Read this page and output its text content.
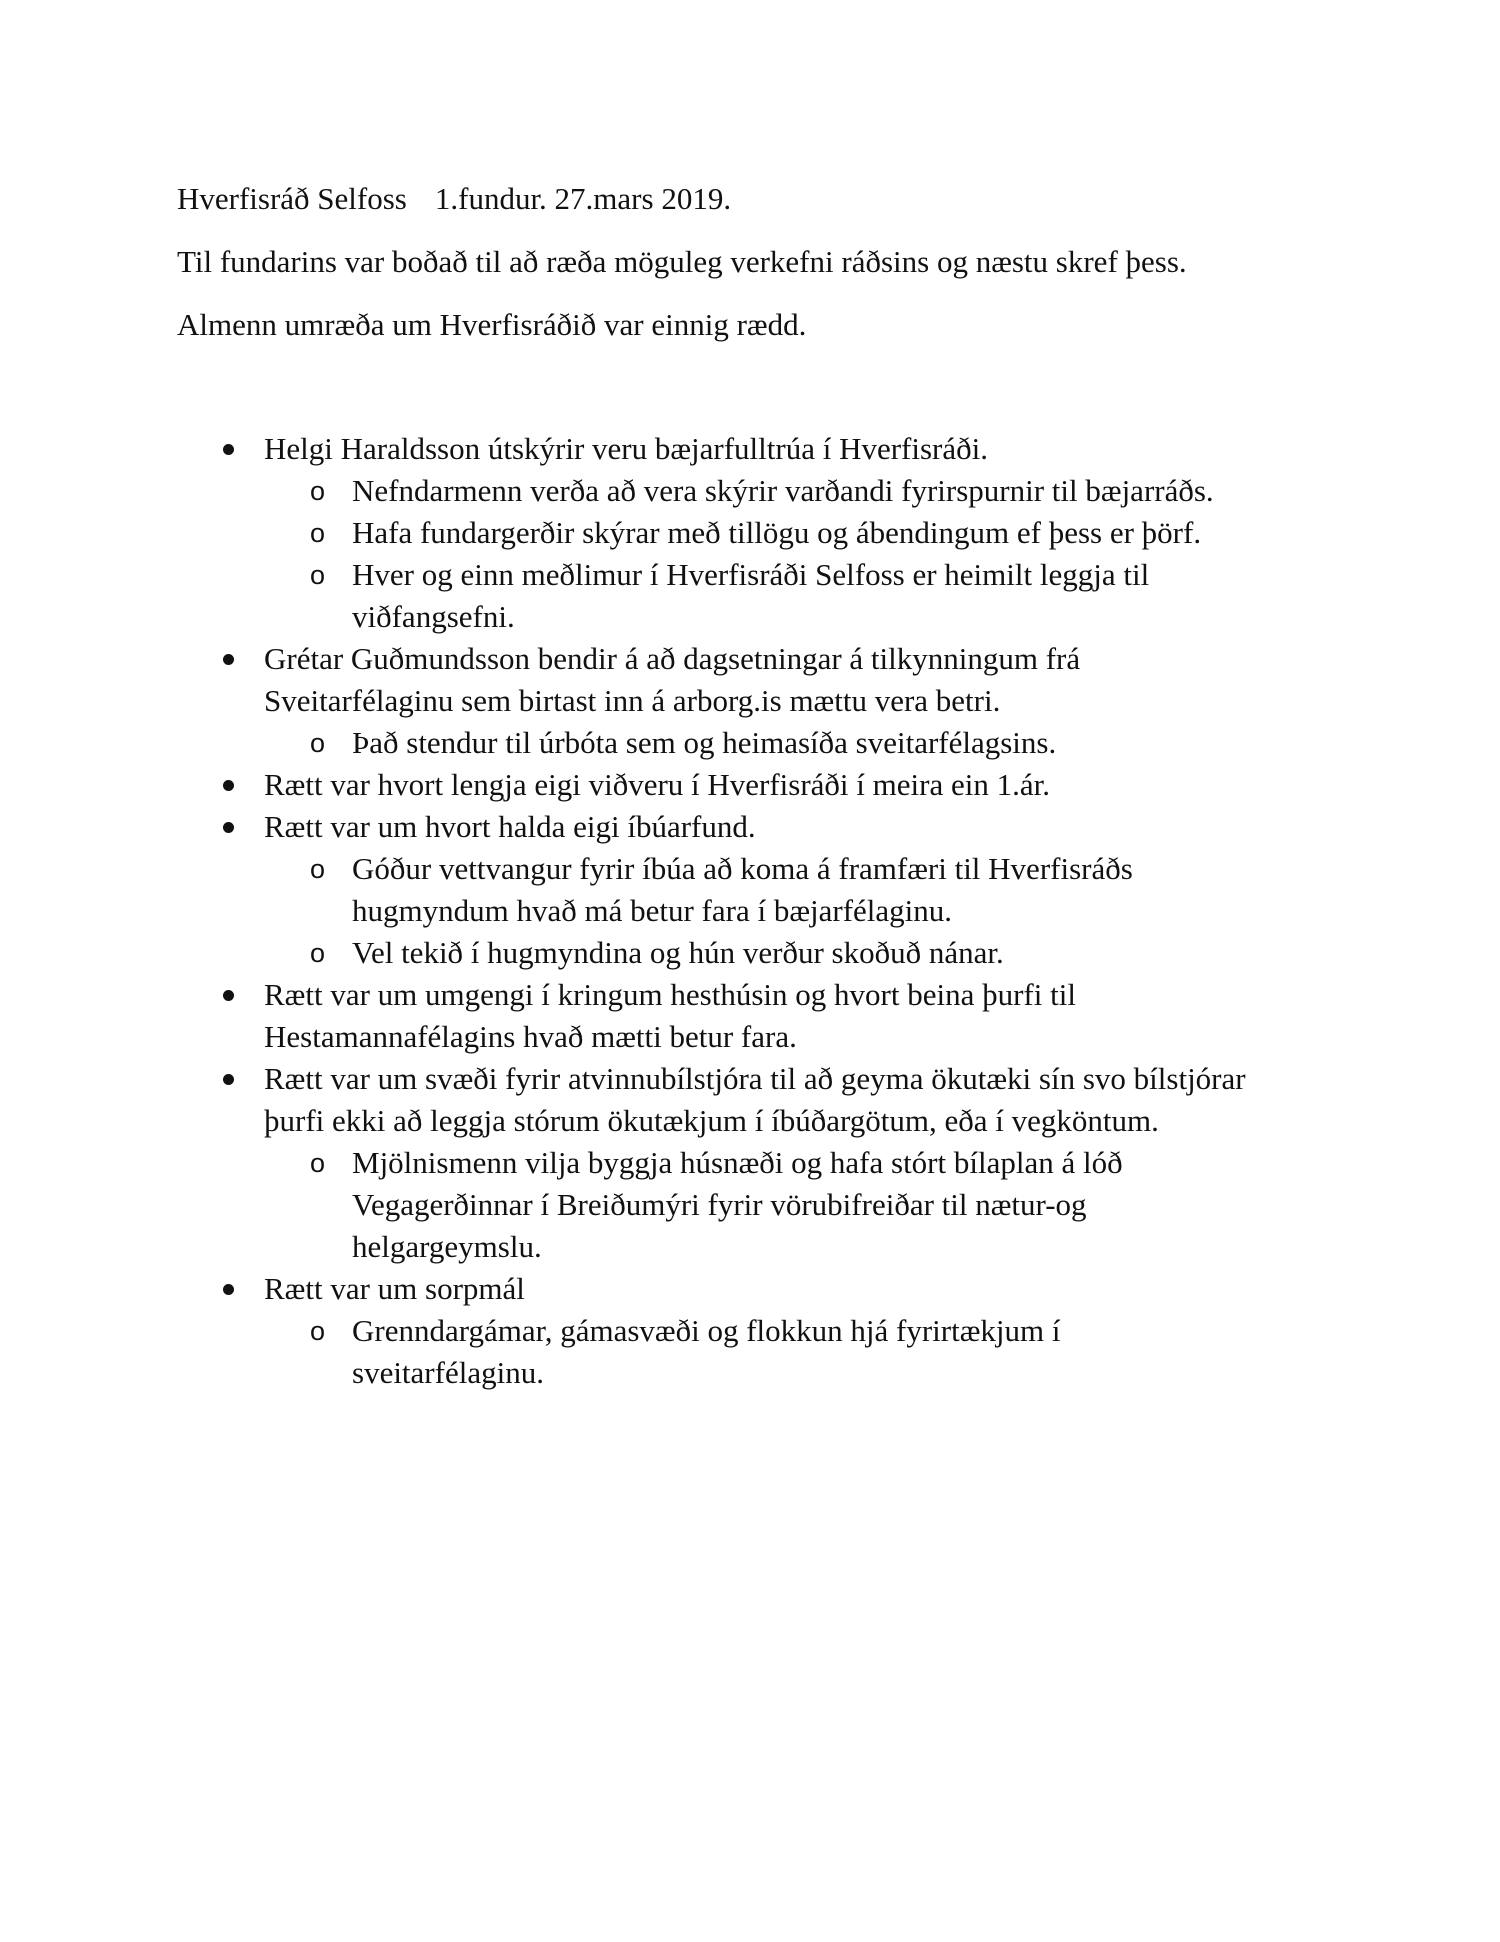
Hverfisráð Selfoss 1.fundur. 27.mars 2019.
Til fundarins var boðað til að ræða möguleg verkefni ráðsins og næstu skref þess.
Almenn umræða um Hverfisráðið var einnig rædd.
Helgi Haraldsson útskýrir veru bæjarfulltrúa í Hverfisráði.
o Nefndarmenn verða að vera skýrir varðandi fyrirspurnir til bæjarráðs.
o Hafa fundargerðir skýrar með tillögu og ábendingum ef þess er þörf.
o Hver og einn meðlimur í Hverfisráði Selfoss er heimilt leggja til viðfangsefni.
Grétar Guðmundsson bendir á að dagsetningar á tilkynningum frá Sveitarfélaginu sem birtast inn á arborg.is mættu vera betri.
o Það stendur til úrbóta sem og heimasíða sveitarfélagsins.
Rætt var hvort lengja eigi viðveru í Hverfisráði í meira ein 1.ár.
Rætt var um hvort halda eigi íbúarfund.
o Góður vettvangur fyrir íbúa að koma á framfæri til Hverfisráðs hugmyndum hvað má betur fara í bæjarfélaginu.
o Vel tekið í hugmyndina og hún verður skoðuð nánar.
Rætt var um umgengi í kringum hesthúsin og hvort beina þurfi til Hestamannafélagins hvað mætti betur fara.
Rætt var um svæði fyrir atvinnubílstjóra til að geyma ökutæki sín svo bílstjórar þurfi ekki að leggja stórum ökutækjum í íbúðargötum, eða í vegköntum.
o Mjölnismenn vilja byggja húsnæði og hafa stórt bílaplan á lóð Vegagerðinnar í Breiðumýri fyrir vörubifreiðar til nætur-og helgargeymslu.
Rætt var um sorpmál
o Grenndargámar, gámasvæði og flokkun hjá fyrirtækjum í sveitarfélaginu.
